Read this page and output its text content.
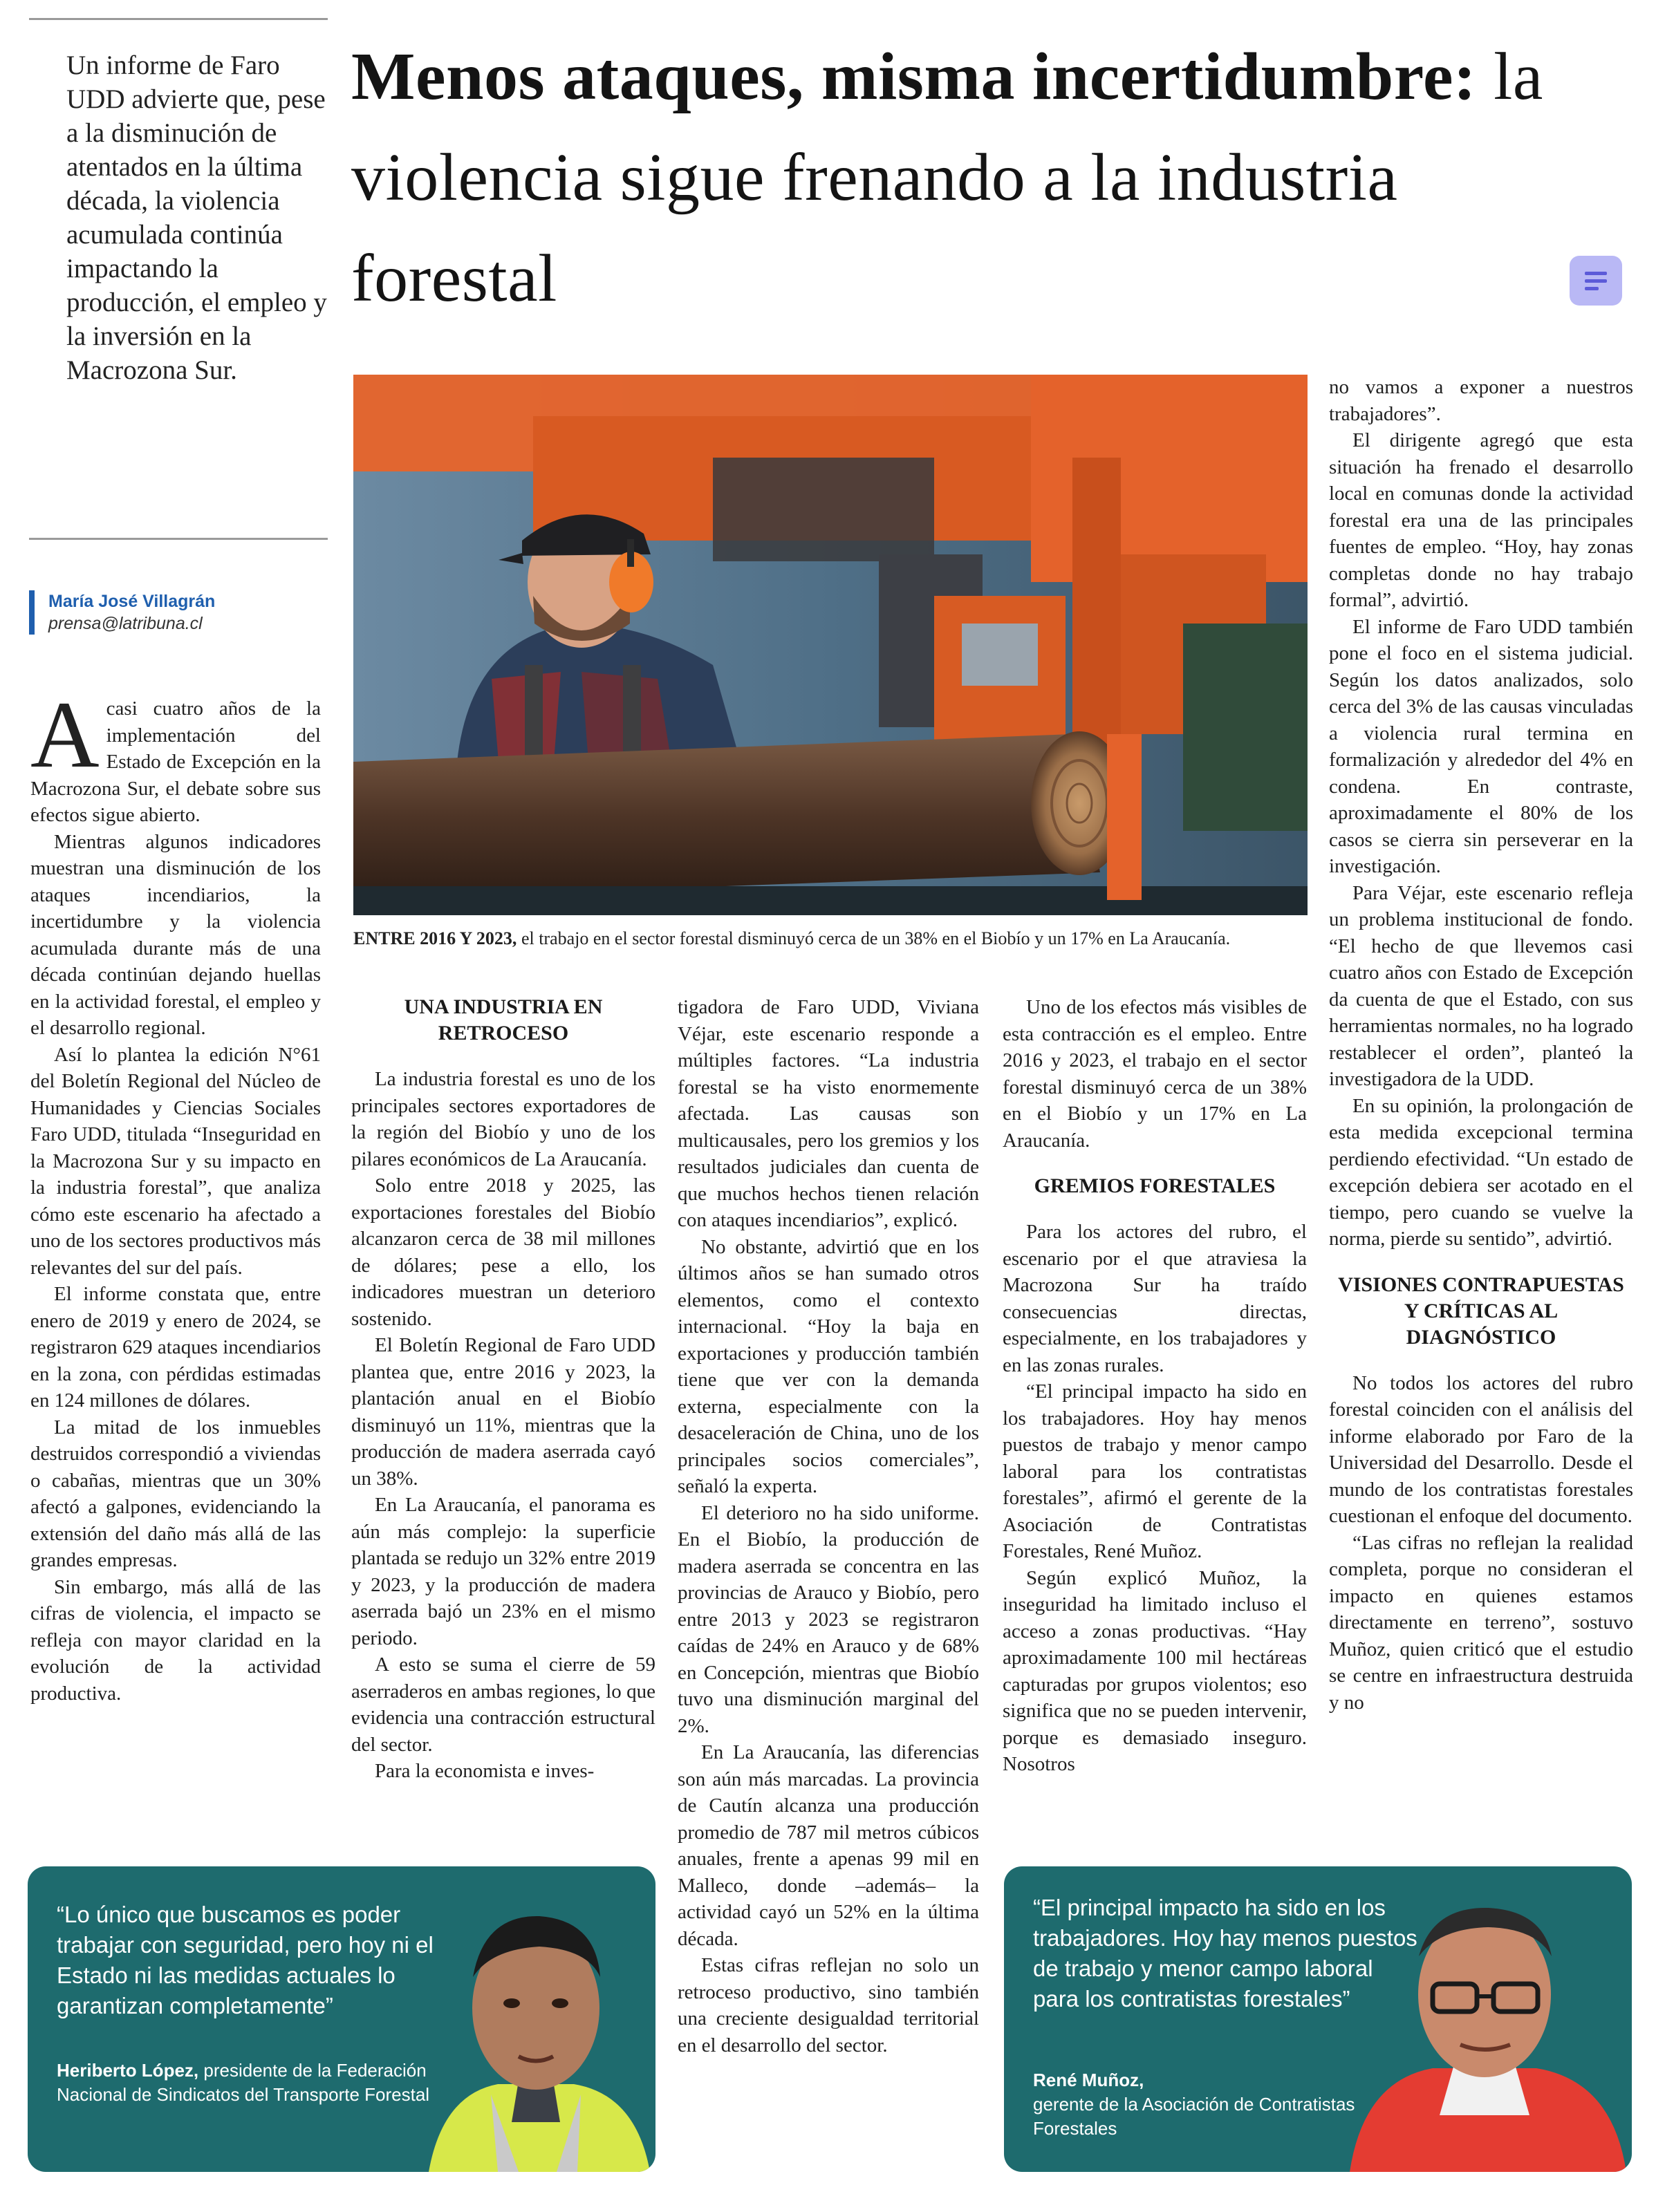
Un informe de Faro UDD advierte que, pese a la disminución de atentados en la última década, la violencia acumulada continúa impactando la producción, el empleo y la inversión en la Macrozona Sur.
María José Villagrán
prensa@latribuna.cl
Menos ataques, misma incertidumbre: la violencia sigue frenando a la industria forestal
ENTRE 2016 Y 2023, el trabajo en el sector forestal disminuyó cerca de un 38% en el Biobío y un 17% en La Araucanía.

Acasi cuatro años de la implementación del Estado de Excepción en la Macrozona Sur, el debate sobre sus efectos sigue abierto.

Mientras algunos indicadores muestran una disminución de los ataques incendiarios, la incertidumbre y la violencia acumulada durante más de una década continúan dejando huellas en la actividad forestal, el empleo y el desarrollo regional.

Así lo plantea la edición N°61 del Boletín Regional del Núcleo de Humanidades y Ciencias Sociales Faro UDD, titulada “Inseguridad en la Macrozona Sur y su impacto en la industria forestal”, que analiza cómo este escenario ha afectado a uno de los sectores productivos más relevantes del sur del país.

El informe constata que, entre enero de 2019 y enero de 2024, se registraron 629 ataques incendiarios en la zona, con pérdidas estimadas en 124 millones de dólares.

La mitad de los inmuebles destruidos correspondió a viviendas o cabañas, mientras que un 30% afectó a galpones, evidenciando la extensión del daño más allá de las grandes empresas.

Sin embargo, más allá de las cifras de violencia, el impacto se refleja con mayor claridad en la evolución de la actividad productiva.

UNA INDUSTRIA EN RETROCESO

La industria forestal es uno de los principales sectores exportadores de la región del Biobío y uno de los pilares económicos de La Araucanía.

Solo entre 2018 y 2025, las exportaciones forestales del Biobío alcanzaron cerca de 38 mil millones de dólares; pese a ello, los indicadores muestran un deterioro sostenido.

El Boletín Regional de Faro UDD plantea que, entre 2016 y 2023, la plantación anual en el Biobío disminuyó un 11%, mientras que la producción de madera aserrada cayó un 38%.

En La Araucanía, el panorama es aún más complejo: la superficie plantada se redujo un 32% entre 2019 y 2023, y la producción de madera aserrada bajó un 23% en el mismo periodo.

A esto se suma el cierre de 59 aserraderos en ambas regiones, lo que evidencia una contracción estructural del sector.

Para la economista e inves-

tigadora de Faro UDD, Viviana Véjar, este escenario responde a múltiples factores. “La industria forestal se ha visto enormemente afectada. Las causas son multicausales, pero los gremios y los resultados judiciales dan cuenta de que muchos hechos tienen relación con ataques incendiarios”, explicó.

No obstante, advirtió que en los últimos años se han sumado otros elementos, como el contexto internacional. “Hoy la baja en exportaciones y producción también tiene que ver con la demanda externa, especialmente con la desaceleración de China, uno de los principales socios comerciales”, señaló la experta.

El deterioro no ha sido uniforme. En el Biobío, la producción de madera aserrada se concentra en las provincias de Arauco y Biobío, pero entre 2013 y 2023 se registraron caídas de 24% en Arauco y de 68% en Concepción, mientras que Biobío tuvo una disminución marginal del 2%.

En La Araucanía, las diferencias son aún más marcadas. La provincia de Cautín alcanza una producción promedio de 787 mil metros cúbicos anuales, frente a apenas 99 mil en Malleco, donde –además– la actividad cayó un 52% en la última década.

Estas cifras reflejan no solo un retroceso productivo, sino también una creciente desigualdad territorial en el desarrollo del sector.

Uno de los efectos más visibles de esta contracción es el empleo. Entre 2016 y 2023, el trabajo en el sector forestal disminuyó cerca de un 38% en el Biobío y un 17% en La Araucanía.

GREMIOS FORESTALES

Para los actores del rubro, el escenario por el que atraviesa la Macrozona Sur ha traído consecuencias directas, especialmente, en los trabajadores y en las zonas rurales.

“El principal impacto ha sido en los trabajadores. Hoy hay menos puestos de trabajo y menor campo laboral para los contratistas forestales”, afirmó el gerente de la Asociación de Contratistas Forestales, René Muñoz.

Según explicó Muñoz, la inseguridad ha limitado incluso el acceso a zonas productivas. “Hay aproximadamente 100 mil hectáreas capturadas por grupos violentos; eso significa que no se pueden intervenir, porque es demasiado inseguro. Nosotros

no vamos a exponer a nuestros trabajadores”.

El dirigente agregó que esta situación ha frenado el desarrollo local en comunas donde la actividad forestal era una de las principales fuentes de empleo. “Hoy, hay zonas completas donde no hay trabajo formal”, advirtió.

El informe de Faro UDD también pone el foco en el sistema judicial. Según los datos analizados, solo cerca del 3% de las causas vinculadas a violencia rural termina en formalización y alrededor del 4% en condena. En contraste, aproximadamente el 80% de los casos se cierra sin perseverar en la investigación.

Para Véjar, este escenario refleja un problema institucional de fondo. “El hecho de que llevemos casi cuatro años con Estado de Excepción da cuenta de que el Estado, con sus herramientas normales, no ha logrado restablecer el orden”, planteó la investigadora de la UDD.

En su opinión, la prolongación de esta medida excepcional termina perdiendo efectividad. “Un estado de excepción debiera ser acotado en el tiempo, pero cuando se vuelve la norma, pierde su sentido”, advirtió.

VISIONES CONTRAPUESTAS Y CRÍTICAS AL DIAGNÓSTICO

No todos los actores del rubro forestal coinciden con el análisis del informe elaborado por Faro de la Universidad del Desarrollo. Desde el mundo de los contratistas forestales cuestionan el enfoque del documento.

“Las cifras no reflejan la realidad completa, porque no consideran el impacto en quienes estamos directamente en terreno”, sostuvo Muñoz, quien criticó que el estudio se centre en infraestructura destruida y no

“Lo único que buscamos es poder trabajar con seguridad, pero hoy ni el Estado ni las medidas actuales lo garantizan completamente”
Heriberto López, presidente de la Federación Nacional de Sindicatos del Transporte Forestal
“El principal impacto ha sido en los trabajadores. Hoy hay menos puestos de trabajo y menor campo laboral para los contratistas forestales”
René Muñoz,
gerente de la Asociación de Contratistas Forestales
